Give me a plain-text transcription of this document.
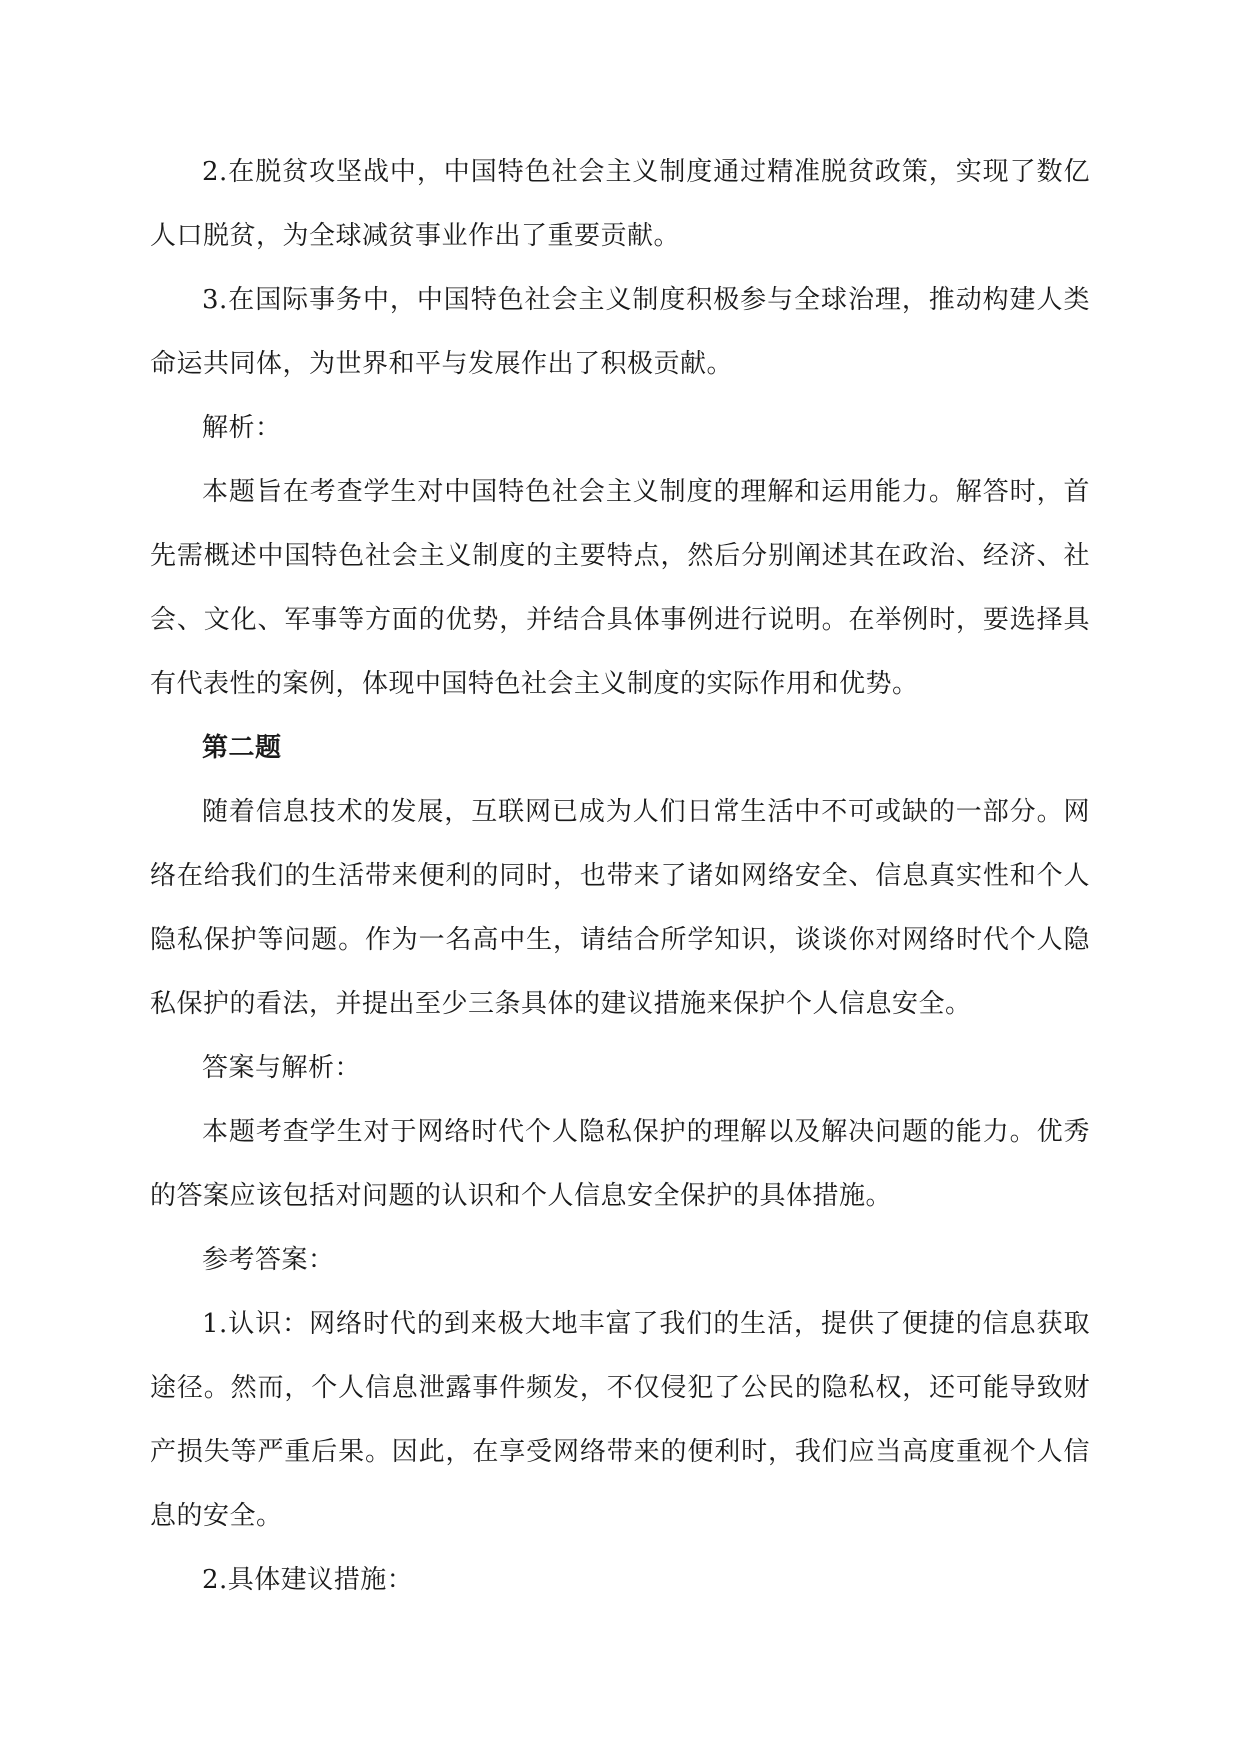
2.在脱贫攻坚战中，中国特色社会主义制度通过精准脱贫政策，实现了数亿人口脱贫，为全球减贫事业作出了重要贡献。

3.在国际事务中，中国特色社会主义制度积极参与全球治理，推动构建人类命运共同体，为世界和平与发展作出了积极贡献。

解析：

本题旨在考查学生对中国特色社会主义制度的理解和运用能力。解答时，首先需概述中国特色社会主义制度的主要特点，然后分别阐述其在政治、经济、社会、文化、军事等方面的优势，并结合具体事例进行说明。在举例时，要选择具有代表性的案例，体现中国特色社会主义制度的实际作用和优势。

第二题

随着信息技术的发展，互联网已成为人们日常生活中不可或缺的一部分。网络在给我们的生活带来便利的同时，也带来了诸如网络安全、信息真实性和个人隐私保护等问题。作为一名高中生，请结合所学知识，谈谈你对网络时代个人隐私保护的看法，并提出至少三条具体的建议措施来保护个人信息安全。

答案与解析：

本题考查学生对于网络时代个人隐私保护的理解以及解决问题的能力。优秀的答案应该包括对问题的认识和个人信息安全保护的具体措施。

参考答案：

1.认识：网络时代的到来极大地丰富了我们的生活，提供了便捷的信息获取途径。然而，个人信息泄露事件频发，不仅侵犯了公民的隐私权，还可能导致财产损失等严重后果。因此，在享受网络带来的便利时，我们应当高度重视个人信息的安全。

2.具体建议措施：
